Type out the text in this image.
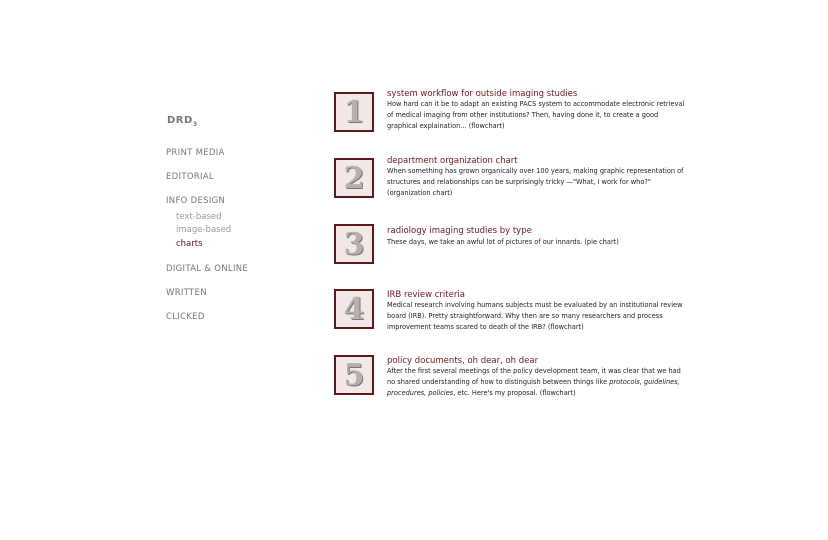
$DRD_3$
PRINT MEDIA
EDITORIAL
INFO DESIGN
text-based
image-based
charts
DIGITAL & ONLINE
WRITTEN
CLICKED
1
system workflow for outside imaging studies
How hard can it be to adapt an existing PACS system to accommodate electronic retrieval of medical imaging from other institutions? Then, having done it, to create a good graphical explaination... (flowchart)
2	department organization chart
When something has grown organically over 100 years, making graphic representation of structures and relationships can be surprisingly tricky —"What, I work for who?" (organization chart)
3	radiology imaging studies by type
These days, we take an awful lot of pictures of our innards. (pie chart)
4	IRB review criteria
Medical research involving humans subjects must be evaluated by an institutional review board (IRB). Pretty straightforward. Why then are so many researchers and process improvement teams scared to death of the IRB? (flowchart)
5	policy documents, oh dear, oh dear
After the first several meetings of the policy development team, it was clear that we had no shared understanding of how to distinguish between things like protocols, guidelines, procedures, policies, etc. Here's my proposal. (flowchart)
